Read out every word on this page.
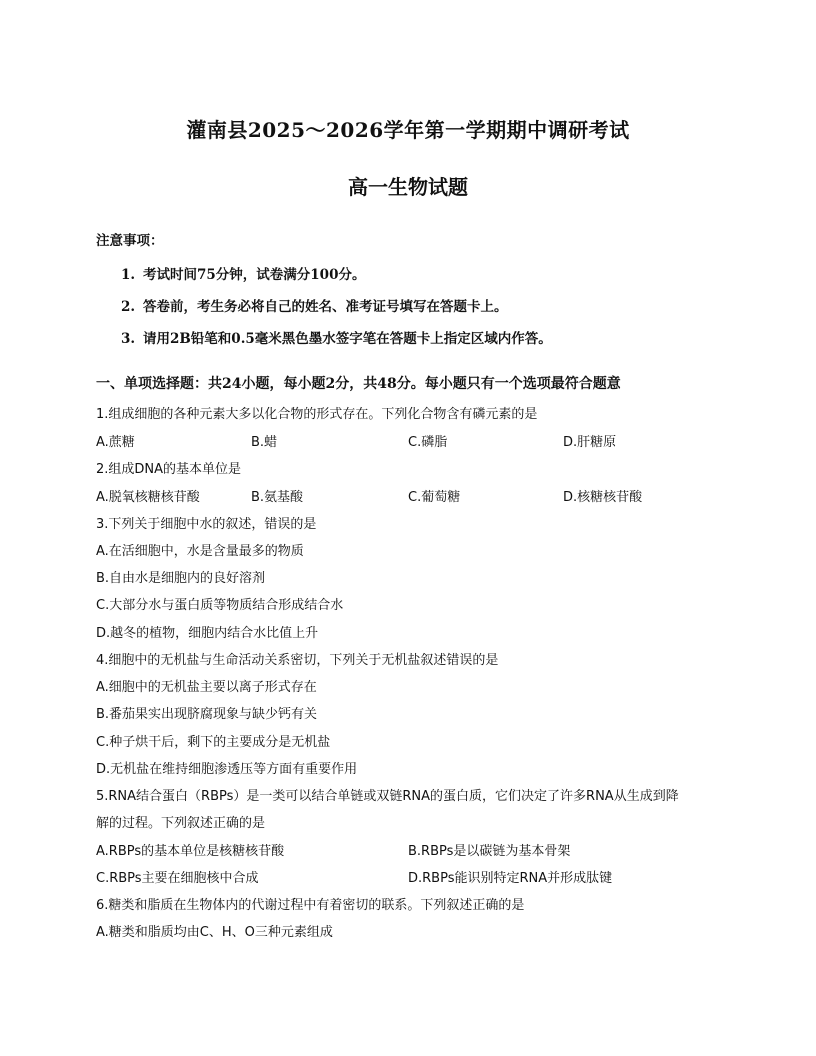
灌南县2025～2026学年第一学期期中调研考试
高一生物试题
注意事项：
1. 考试时间75分钟，试卷满分100分。
2. 答卷前，考生务必将自己的姓名、准考证号填写在答题卡上。
3. 请用2B铅笔和0.5毫米黑色墨水签字笔在答题卡上指定区域内作答。
一、单项选择题：共24小题，每小题2分，共48分。每小题只有一个选项最符合题意
1.组成细胞的各种元素大多以化合物的形式存在。下列化合物含有磷元素的是
A.蔗糖	B.蜡	C.磷脂	D.肝糖原
2.组成DNA的基本单位是
A.脱氧核糖核苷酸	B.氨基酸	C.葡萄糖	D.核糖核苷酸
3.下列关于细胞中水的叙述，错误的是
A.在活细胞中，水是含量最多的物质
B.自由水是细胞内的良好溶剂
C.大部分水与蛋白质等物质结合形成结合水
D.越冬的植物，细胞内结合水比值上升
4.细胞中的无机盐与生命活动关系密切，下列关于无机盐叙述错误的是
A.细胞中的无机盐主要以离子形式存在
B.番茄果实出现脐腐现象与缺少钙有关
C.种子烘干后，剩下的主要成分是无机盐
D.无机盐在维持细胞渗透压等方面有重要作用
5.RNA结合蛋白（RBPs）是一类可以结合单链或双链RNA的蛋白质，它们决定了许多RNA从生成到降
解的过程。下列叙述正确的是
A.RBPs的基本单位是核糖核苷酸	B.RBPs是以碳链为基本骨架
C.RBPs主要在细胞核中合成	D.RBPs能识别特定RNA并形成肽键
6.糖类和脂质在生物体内的代谢过程中有着密切的联系。下列叙述正确的是
A.糖类和脂质均由C、H、O三种元素组成
